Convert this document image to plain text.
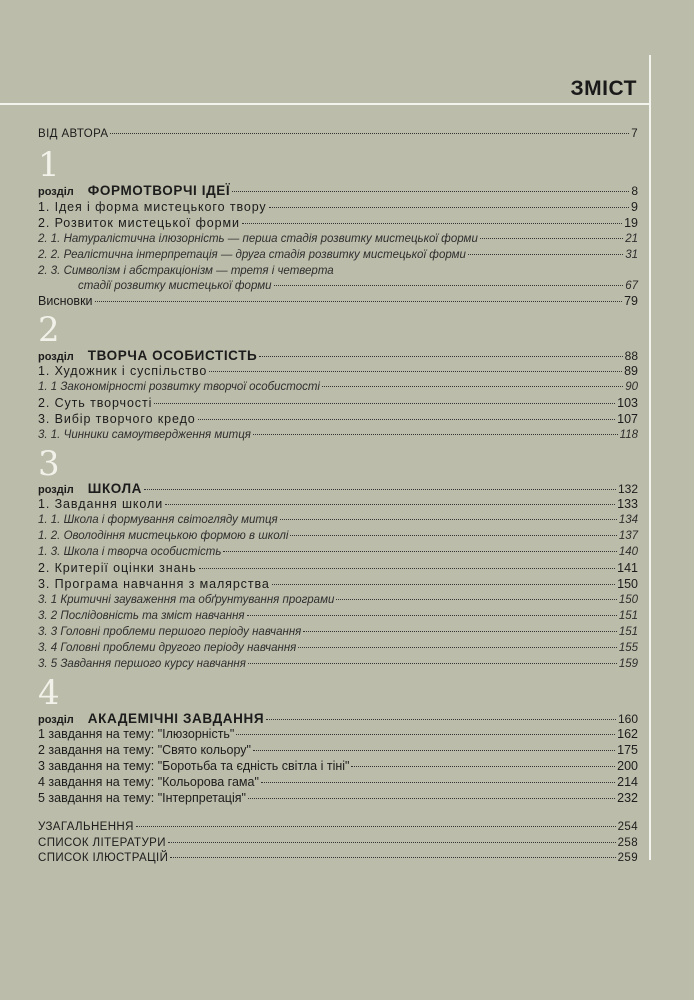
ЗМІСТ
ВІД АВТОРА	7
1
розділ ФОРМОТВОРЧІ ІДЕЇ	8
1. Ідея і форма мистецького твору	9
2. Розвиток мистецької форми	19
2. 1. Натуралістична ілюзорність — перша стадія розвитку мистецької форми	21
2. 2. Реалістична інтерпретація — друга стадія розвитку мистецької форми	31
2. 3. Символізм і абстракціонізм — третя і четверта
стадії розвитку мистецької форми	67
Висновки	79
2
розділ ТВОРЧА ОСОБИСТІСТЬ	88
1. Художник і суспільство	89
1. 1 Закономірності розвитку творчої особистості	90
2. Суть творчості	103
3. Вибір творчого кредо	107
3. 1. Чинники самоутвердження митця	118
3
розділ ШКОЛА	132
1. Завдання школи	133
1. 1. Школа і формування світогляду митця	134
1. 2. Оволодіння мистецькою формою в школі	137
1. 3. Школа і творча особистість	140
2. Критерії оцінки знань	141
3. Програма навчання з малярства	150
3. 1 Критичні зауваження та обґрунтування програми	150
3. 2 Послідовність та зміст навчання	151
3. 3 Головні проблеми першого періоду навчання	151
3. 4 Головні проблеми другого періоду навчання	155
3. 5 Завдання першого курсу навчання	159
4
розділ АКАДЕМІЧНІ ЗАВДАННЯ	160
1 завдання на тему: "Ілюзорність"	162
2 завдання на тему: "Свято кольору"	175
3 завдання на тему: "Боротьба та єдність світла і тіні"	200
4 завдання на тему: "Кольорова гама"	214
5 завдання на тему: "Інтерпретація"	232
УЗАГАЛЬНЕННЯ	254
СПИСОК ЛІТЕРАТУРИ	258
СПИСОК ІЛЮСТРАЦІЙ	259
